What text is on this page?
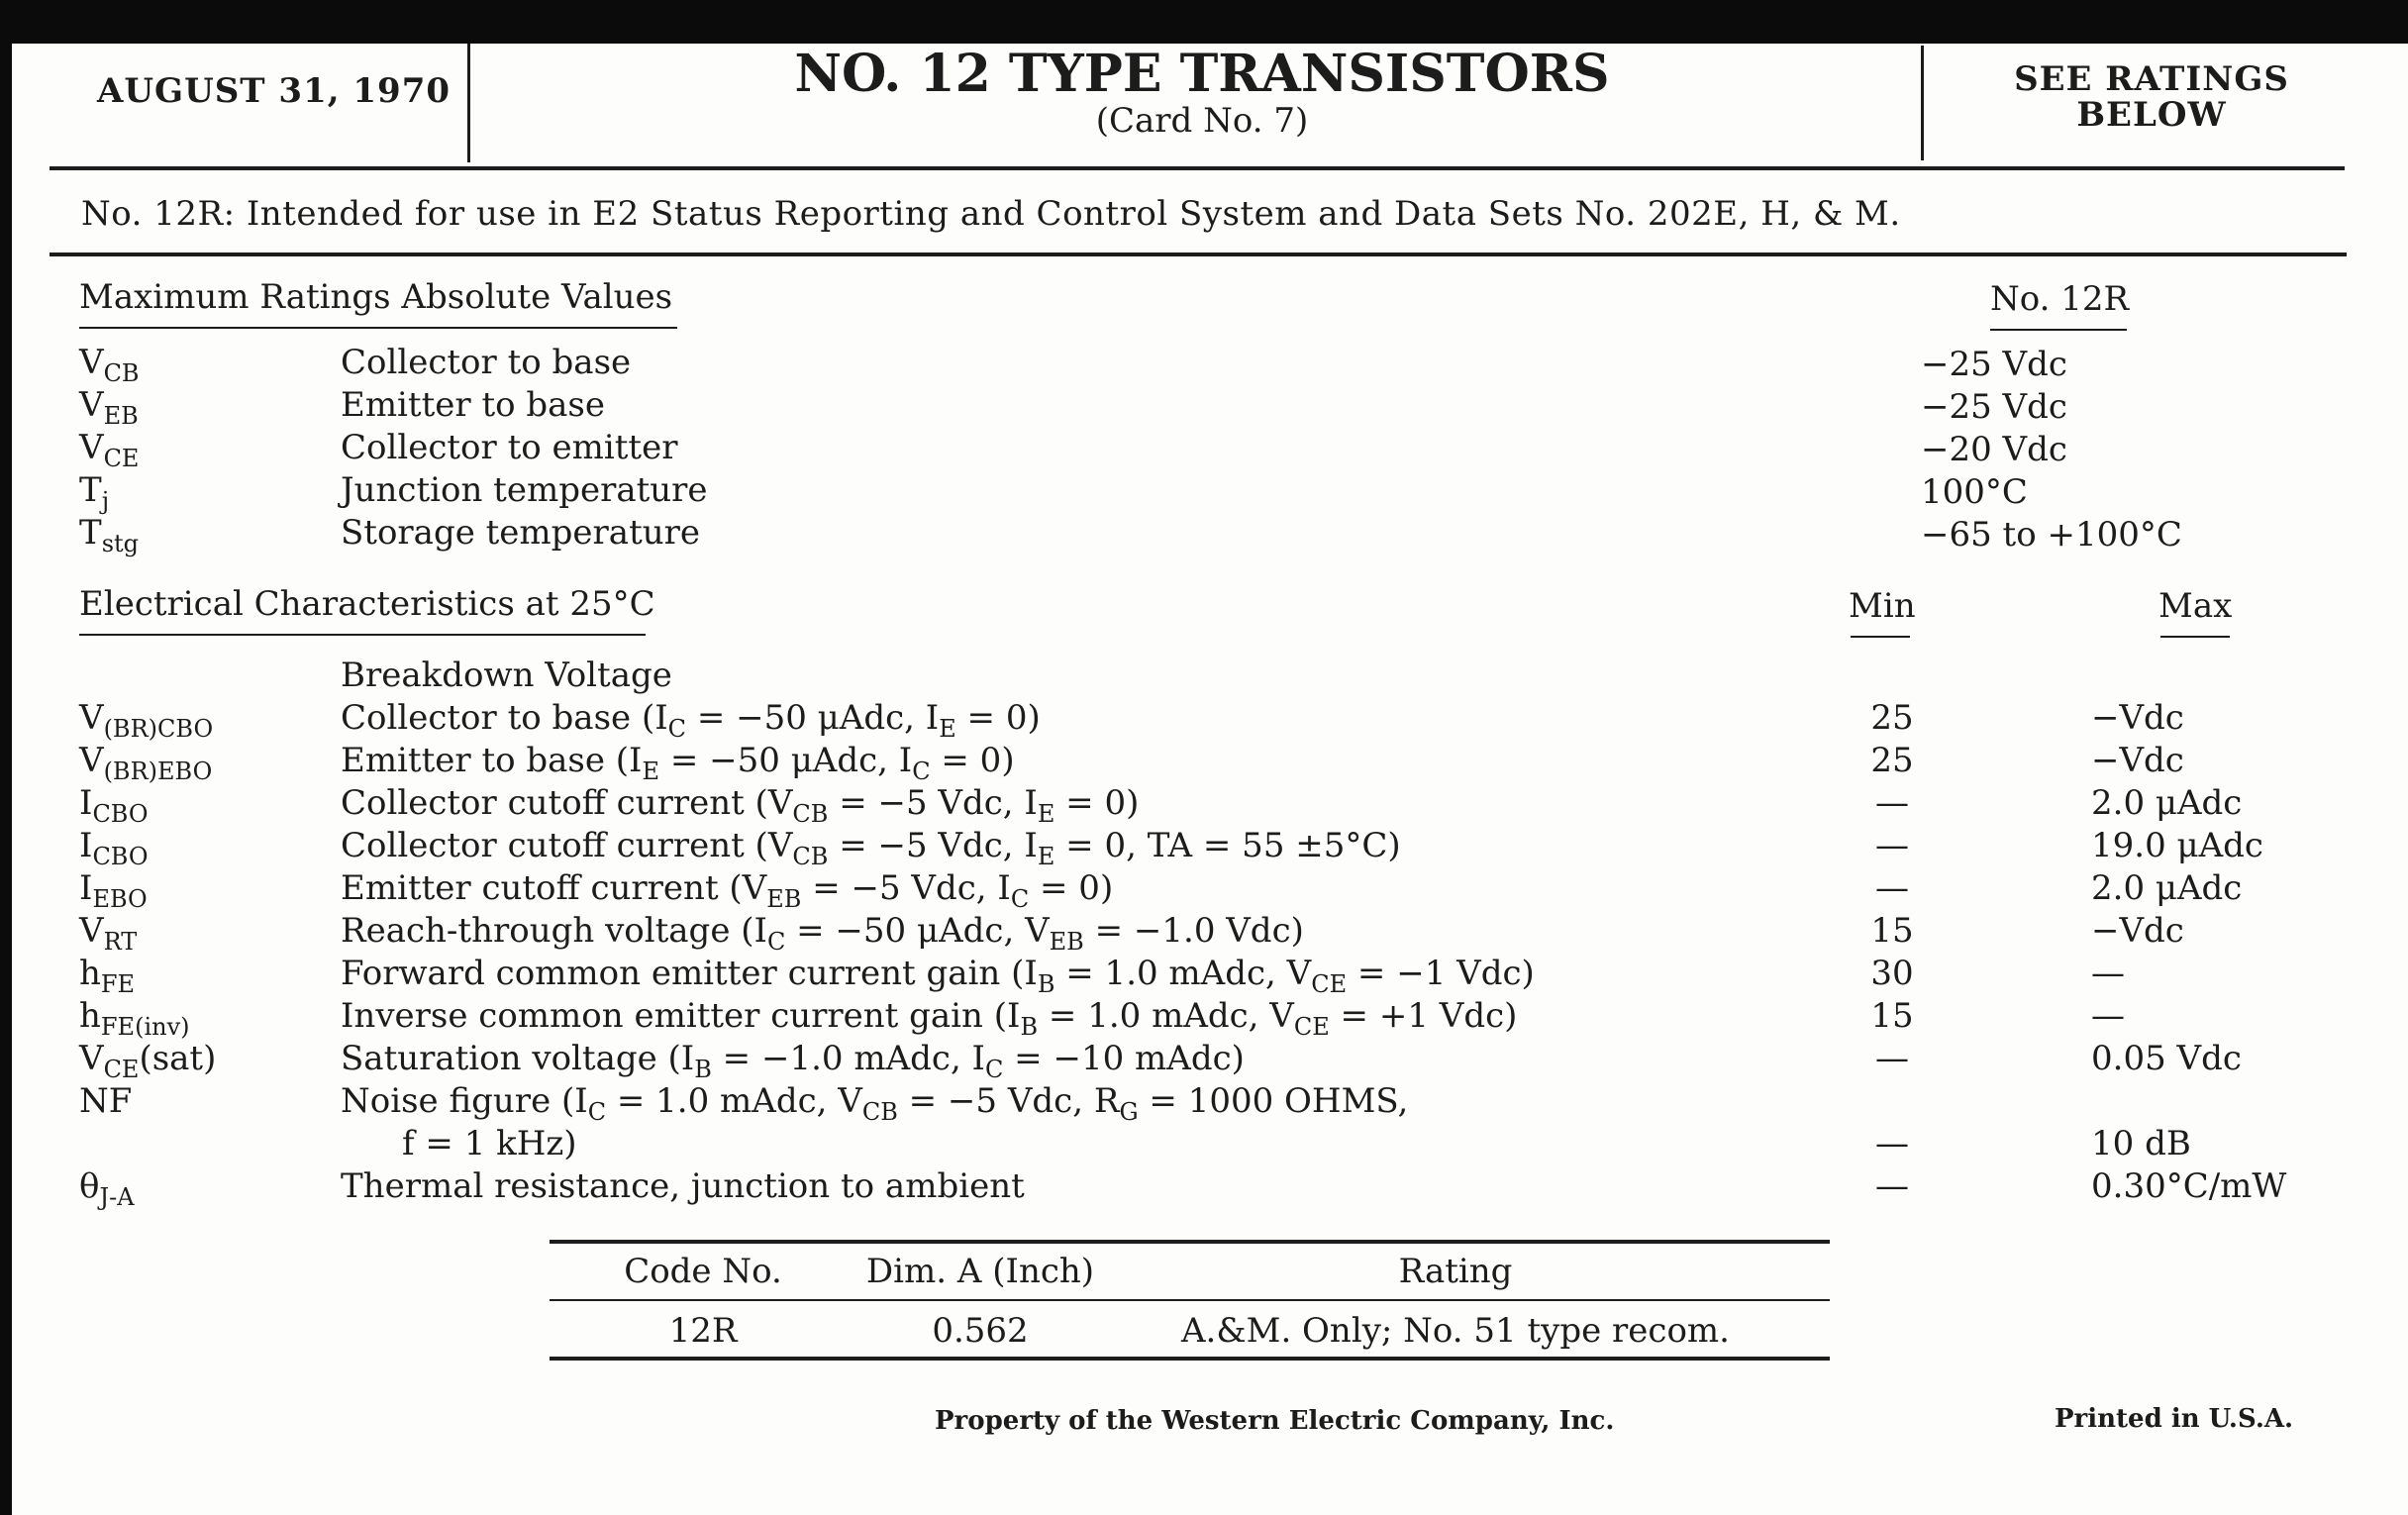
AUGUST 31, 1970	NO. 12 TYPE TRANSISTORS
(Card No. 7)
SEE RATINGS BELOW
No. 12R: Intended for use in E2 Status Reporting and Control System and Data Sets No. 202E, H, & M.
Maximum Ratings Absolute Values	No. 12R
$V_{CB}$	Collector to base	−25 Vdc
$V_{EB}$	Emitter to base	−25 Vdc
$V_{CE}$	Collector to emitter	−20 Vdc
$T_j$	Junction temperature	100°C
$T_{stg}$	Storage temperature	−65 to +100°C
Electrical Characteristics at 25°C	Min	Max
Breakdown Voltage
$V_{(BR)CBO}$	Collector to base ($I_C = -50$ μAdc, $I_E = 0$)	25	−Vdc
$V_{(BR)EBO}$	Emitter to base ($I_E = -50$ μAdc, $I_C = 0$)	25	−Vdc
$I_{CBO}$	Collector cutoff current ($V_{CB} = -5$ Vdc, $I_E = 0$)	—	2.0 μAdc
$I_{CBO}$	Collector cutoff current ($V_{CB} = -5$ Vdc, $I_E = 0$, TA = 55 ±5°C)	—	19.0 μAdc
$I_{EBO}$	Emitter cutoff current ($V_{EB} = -5$ Vdc, $I_C = 0$)	—	2.0 μAdc
$V_{RT}$	Reach-through voltage ($I_C = -50$ μAdc, $V_{EB} = -1.0$ Vdc)	15	−Vdc
$h_{FE}$	Forward common emitter current gain ($I_B = 1.0$ mAdc, $V_{CE} = -1$ Vdc)	30	—
$h_{FE(inv)}$	Inverse common emitter current gain ($I_B = 1.0$ mAdc, $V_{CE} = +1$ Vdc)	15	—
$V_{CE}(sat)$	Saturation voltage ($I_B = -1.0$ mAdc, $I_C = -10$ mAdc)	—	0.05 Vdc
NF	Noise figure ($I_C = 1.0$ mAdc, $V_{CB} = -5$ Vdc, $R_G = 1000$ OHMS,
f = 1 kHz)	—	10 dB
$\theta_{J-A}$	Thermal resistance, junction to ambient	—	0.30°C/mW
Code No.	Dim. A (Inch)	Rating
12R	0.562	A.&M. Only; No. 51 type recom.
Property of the Western Electric Company, Inc.	Printed in U.S.A.
